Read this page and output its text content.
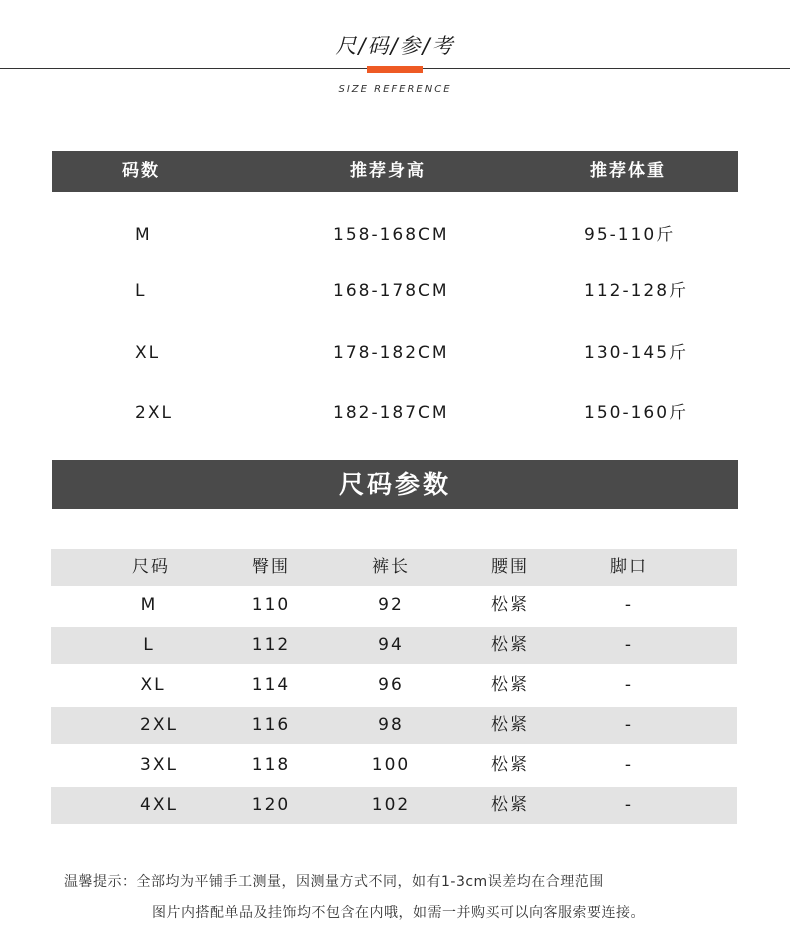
尺/码/参/考
SIZE REFERENCE
码数	推荐身高	推荐体重
M	158-168CM	95-110斤
L	168-178CM	112-128斤
XL	178-182CM	130-145斤
2XL	182-187CM	150-160斤
尺码参数
尺码	臀围	裤长	腰围	脚口
M	110	92	松紧	-
L	112	94	松紧	-
XL	114	96	松紧	-
2XL	116	98	松紧	-
3XL	118	100	松紧	-
4XL	120	102	松紧	-
温馨提示：全部均为平铺手工测量，因测量方式不同，如有1-3cm误差均在合理范围
图片内搭配单品及挂饰均不包含在内哦，如需一并购买可以向客服索要连接。
